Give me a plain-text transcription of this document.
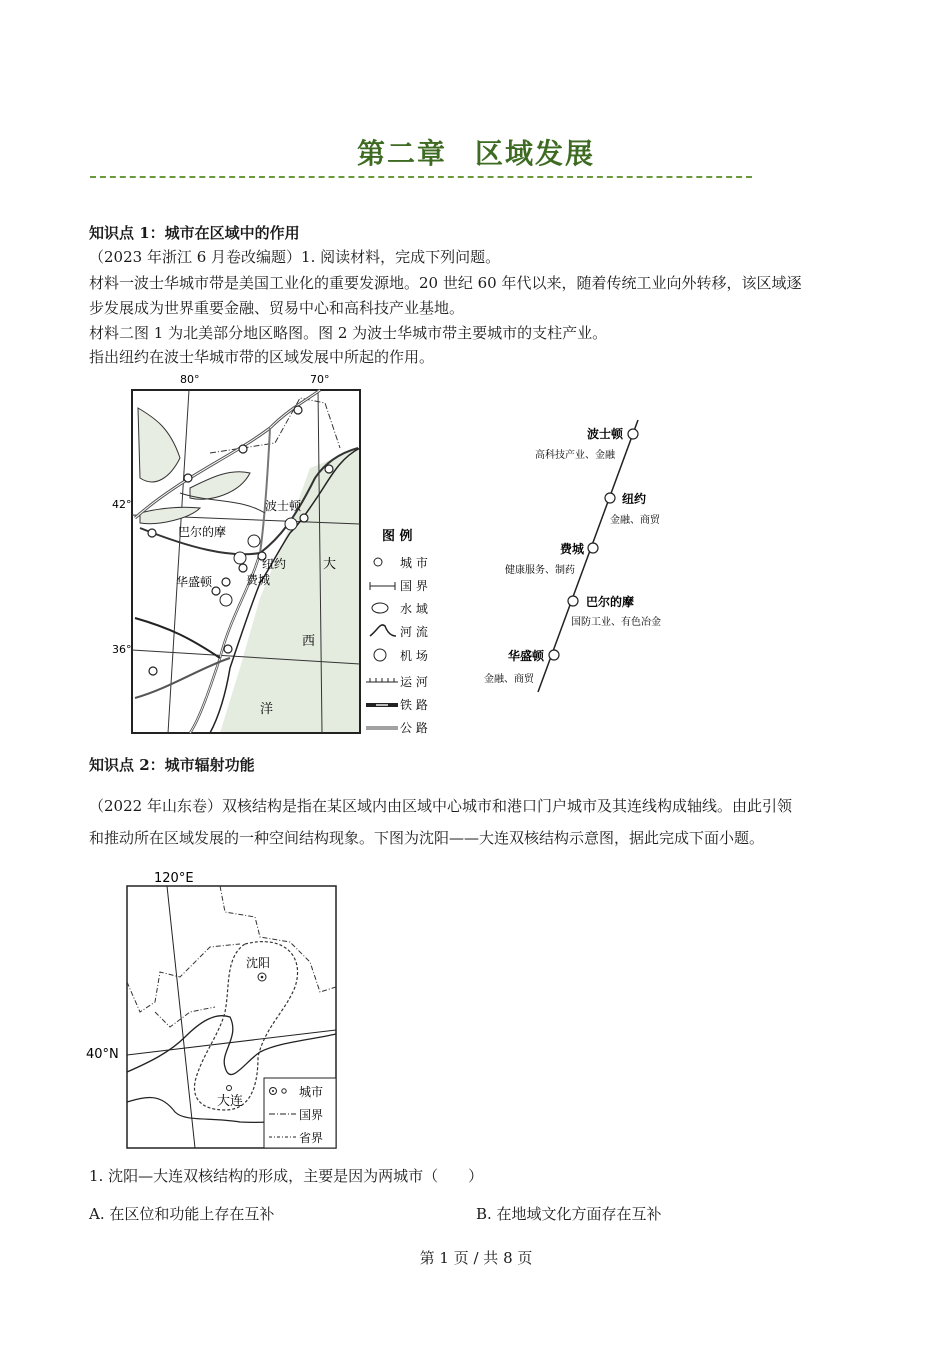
第二章 区域发展
知识点 1：城市在区域中的作用
（2023 年浙江 6 月卷改编题）1. 阅读材料，完成下列问题。
材料一波士华城市带是美国工业化的重要发源地。20 世纪 60 年代以来，随着传统工业向外转移，该区域逐
步发展成为世界重要金融、贸易中心和高科技产业基地。
材料二图 1 为北美部分地区略图。图 2 为波士华城市带主要城市的支柱产业。
指出纽约在波士华城市带的区域发展中所起的作用。
80°	70°
42°
36°
波士顿
巴尔的摩
纽约
华盛顿	费城
大
西
洋
图 例
城 市
国 界
水 域
河 流
机 场
运 河
铁 路
公 路
波士顿
高科技产业、金融
纽约
金融、商贸
费城
健康服务、制药
巴尔的摩
国防工业、有色冶金
华盛顿
金融、商贸
知识点 2：城市辐射功能
（2022 年山东卷）双核结构是指在某区域内由区域中心城市和港口门户城市及其连线构成轴线。由此引领
和推动所在区域发展的一种空间结构现象。下图为沈阳——大连双核结构示意图，据此完成下面小题。
120°E
40°N
沈阳
大连
城市
国界
省界
1. 沈阳—大连双核结构的形成，主要是因为两城市（　　）
A. 在区位和功能上存在互补	B. 在地域文化方面存在互补
第 1 页 / 共 8 页
